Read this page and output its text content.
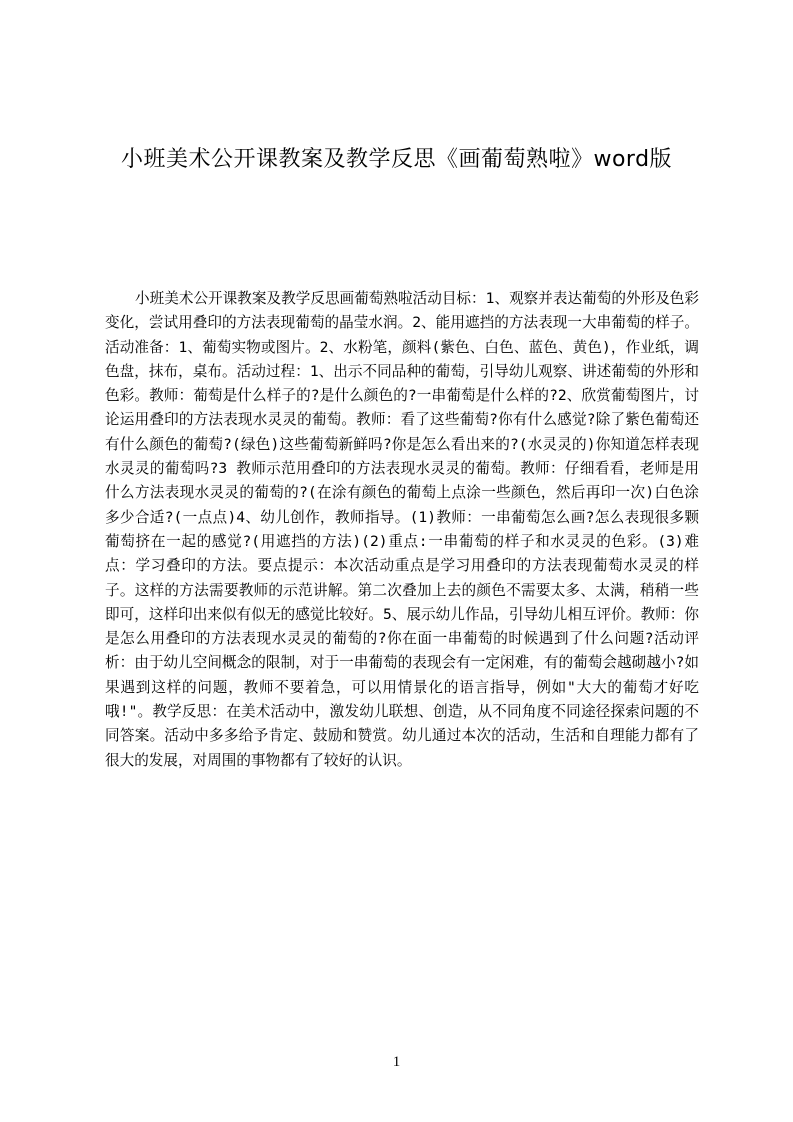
小班美术公开课教案及教学反思《画葡萄熟啦》word版

小班美术公开课教案及教学反思画葡萄熟啦活动目标：1、观察并表达葡萄的外形及色彩变化，尝试用叠印的方法表现葡萄的晶莹水润。2、能用遮挡的方法表现一大串葡萄的样子。活动准备：1、葡萄实物或图片。2、水粉笔，颜料(紫色、白色、蓝色、黄色)，作业纸，调色盘，抹布，桌布。活动过程：1、出示不同品种的葡萄，引导幼儿观察、讲述葡萄的外形和色彩。教师：葡萄是什么样子的?是什么颜色的?一串葡萄是什么样的?2、欣赏葡萄图片，讨论运用叠印的方法表现水灵灵的葡萄。教师：看了这些葡萄?你有什么感觉?除了紫色葡萄还有什么颜色的葡萄?(绿色)这些葡萄新鲜吗?你是怎么看出来的?(水灵灵的)你知道怎样表现水灵灵的葡萄吗?3 教师示范用叠印的方法表现水灵灵的葡萄。教师：仔细看看，老师是用什么方法表现水灵灵的葡萄的?(在涂有颜色的葡萄上点涂一些颜色，然后再印一次)白色涂多少合适?(一点点)4、幼儿创作，教师指导。(1)教师：一串葡萄怎么画?怎么表现很多颗葡萄挤在一起的感觉?(用遮挡的方法)(2)重点:一串葡萄的样子和水灵灵的色彩。(3)难点：学习叠印的方法。要点提示：本次活动重点是学习用叠印的方法表现葡萄水灵灵的样子。这样的方法需要教师的示范讲解。第二次叠加上去的颜色不需要太多、太满，稍稍一些即可，这样印出来似有似无的感觉比较好。5、展示幼儿作品，引导幼儿相互评价。教师：你是怎么用叠印的方法表现水灵灵的葡萄的?你在面一串葡萄的时候遇到了什么问题?活动评析：由于幼儿空间概念的限制，对于一串葡萄的表现会有一定闲难，有的葡萄会越砌越小?如果遇到这样的问题，教师不要着急，可以用情景化的语言指导，例如"大大的葡萄才好吃哦!"。教学反思：在美术活动中，激发幼儿联想、创造，从不同角度不同途径探索问题的不同答案。活动中多多给予肯定、鼓励和赞赏。幼儿通过本次的活动，生活和自理能力都有了很大的发展，对周围的事物都有了较好的认识。

1
